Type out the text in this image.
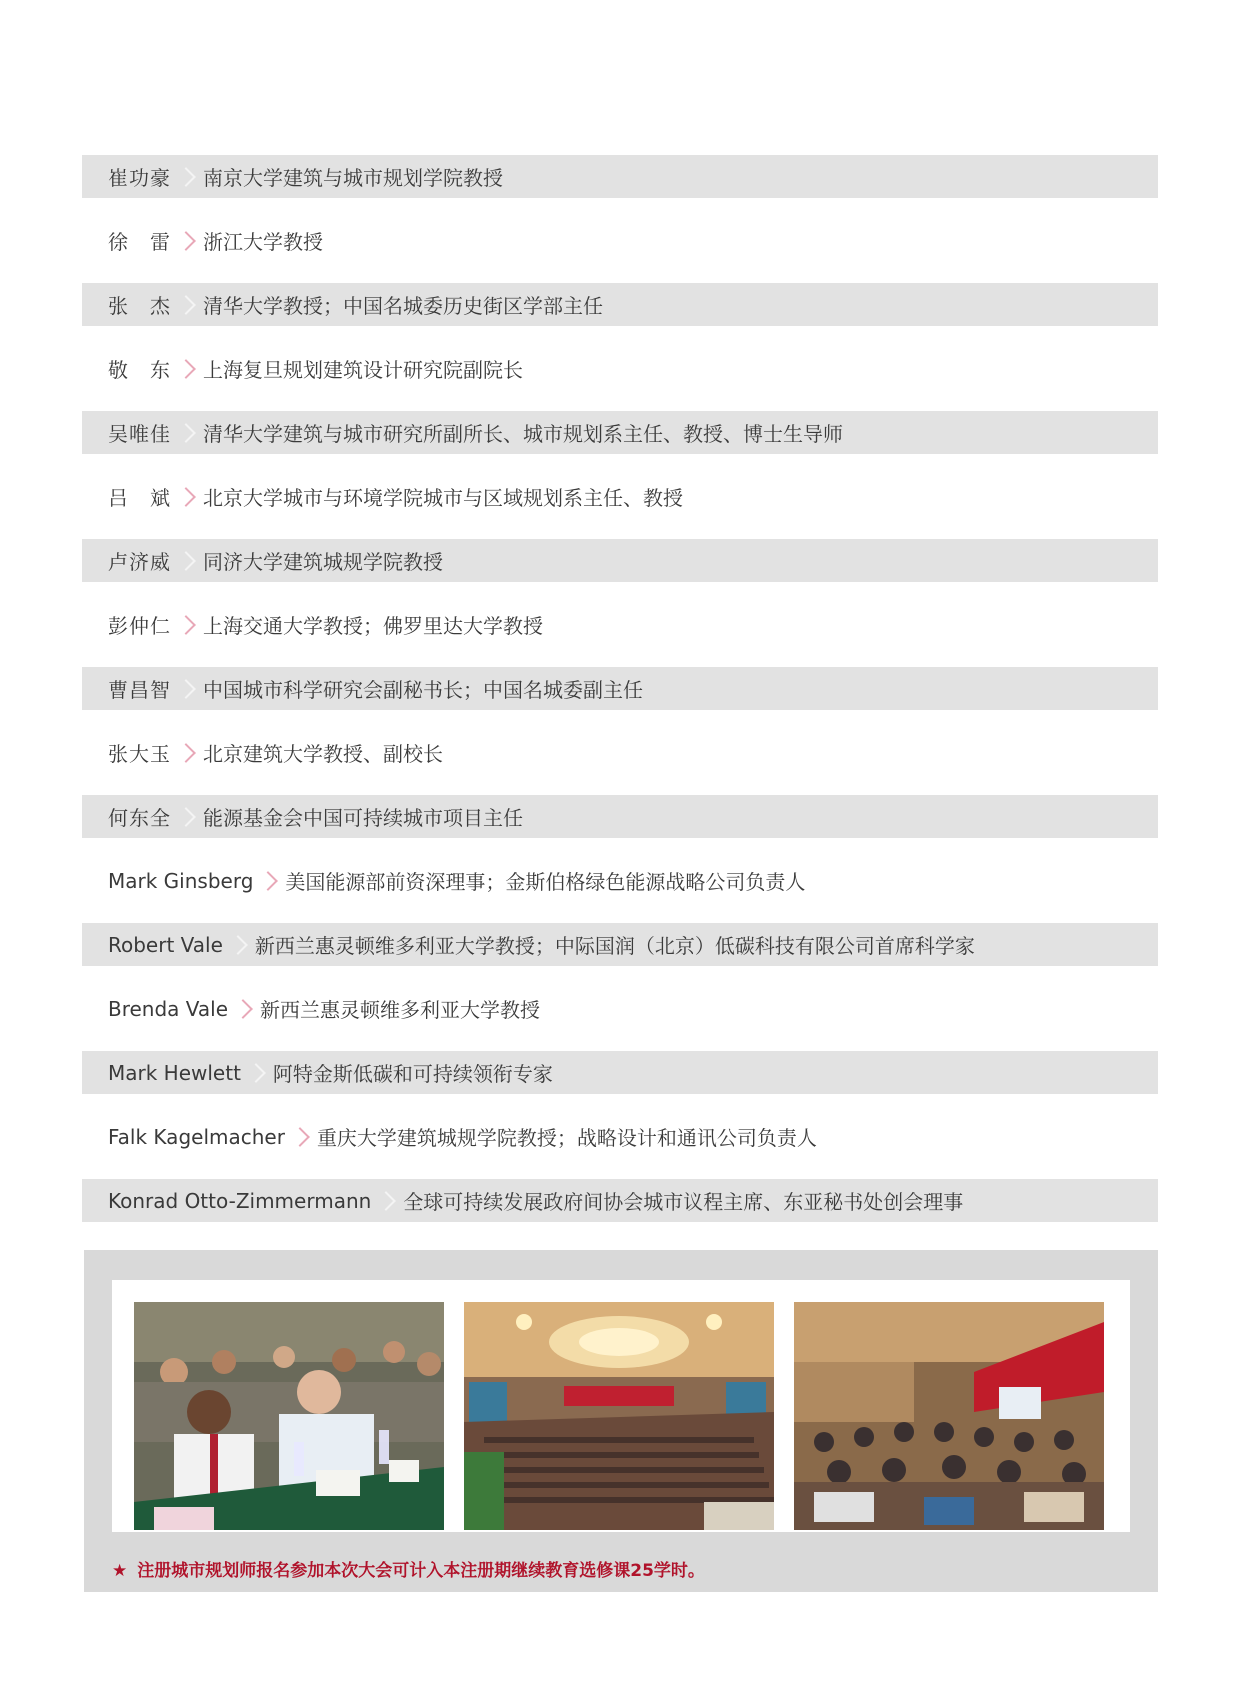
崔功豪 南京大学建筑与城市规划学院教授
徐　雷 浙江大学教授
张　杰 清华大学教授；中国名城委历史街区学部主任
敬　东 上海复旦规划建筑设计研究院副院长
吴唯佳 清华大学建筑与城市研究所副所长、城市规划系主任、教授、博士生导师
吕　斌 北京大学城市与环境学院城市与区域规划系主任、教授
卢济威 同济大学建筑城规学院教授
彭仲仁 上海交通大学教授；佛罗里达大学教授
曹昌智 中国城市科学研究会副秘书长；中国名城委副主任
张大玉 北京建筑大学教授、副校长
何东全 能源基金会中国可持续城市项目主任
Mark Ginsberg 美国能源部前资深理事；金斯伯格绿色能源战略公司负责人
Robert Vale 新西兰惠灵顿维多利亚大学教授；中际国润（北京）低碳科技有限公司首席科学家
Brenda Vale 新西兰惠灵顿维多利亚大学教授
Mark Hewlett 阿特金斯低碳和可持续领衔专家
Falk Kagelmacher 重庆大学建筑城规学院教授；战略设计和通讯公司负责人
Konrad Otto-Zimmermann 全球可持续发展政府间协会城市议程主席、东亚秘书处创会理事
★ 注册城市规划师报名参加本次大会可计入本注册期继续教育选修课25学时。
